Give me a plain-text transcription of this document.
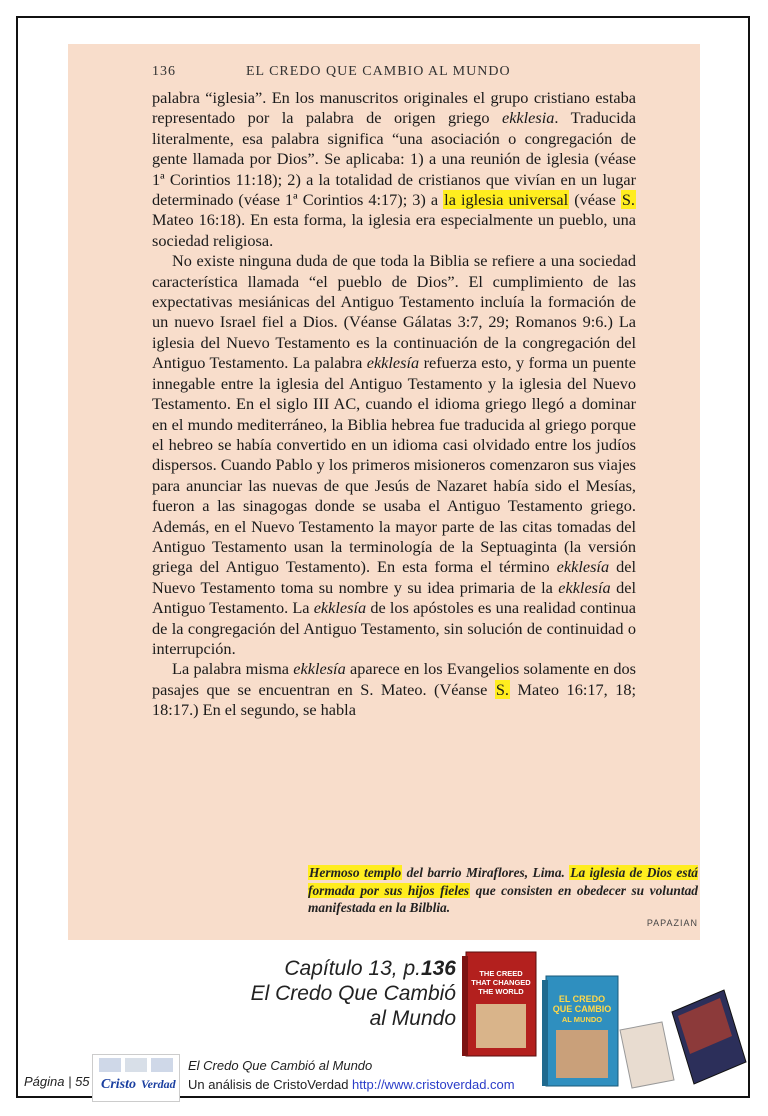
136	EL CREDO QUE CAMBIO AL MUNDO

palabra “iglesia”. En los manuscritos originales el grupo cristiano estaba representado por la palabra de origen griego ekklesia. Traducida literalmente, esa palabra significa “una asociación o congregación de gente llamada por Dios”. Se aplicaba: 1) a una reunión de iglesia (véase 1ª Corintios 11:18); 2) a la totalidad de cristianos que vivían en un lugar determinado (véase 1ª Corintios 4:17); 3) a la iglesia universal (véase S. Mateo 16:18). En esta forma, la iglesia era especialmente un pueblo, una sociedad religiosa.

No existe ninguna duda de que toda la Biblia se refiere a una sociedad característica llamada “el pueblo de Dios”. El cumplimiento de las expectativas mesiánicas del Antiguo Testamento incluía la formación de un nuevo Israel fiel a Dios. (Véanse Gálatas 3:7, 29; Romanos 9:6.) La iglesia del Nuevo Testamento es la continuación de la congregación del Antiguo Testamento. La palabra ekklesía refuerza esto, y forma un puente innegable entre la iglesia del Antiguo Testamento y la iglesia del Nuevo Testamento. En el siglo III AC, cuando el idioma griego llegó a dominar en el mundo mediterráneo, la Biblia hebrea fue traducida al griego porque el hebreo se había convertido en un idioma casi olvidado entre los judíos dispersos. Cuando Pablo y los primeros misioneros comenzaron sus viajes para anunciar las nuevas de que Jesús de Nazaret había sido el Mesías, fueron a las sinagogas donde se usaba el Antiguo Testamento griego. Además, en el Nuevo Testamento la mayor parte de las citas tomadas del Antiguo Testamento usan la terminología de la Septuaginta (la versión griega del Antiguo Testamento). En esta forma el término ekklesía del Nuevo Testamento toma su nombre y su idea primaria de la ekklesía del Antiguo Testamento. La ekklesía de los apóstoles es una realidad continua de la congregación del Antiguo Testamento, sin solución de continuidad o interrupción.

La palabra misma ekklesía aparece en los Evangelios solamente en dos pasajes que se encuentran en S. Mateo. (Véanse S. Mateo 16:17, 18; 18:17.) En el segundo, se habla

Hermoso templo del barrio Miraflores, Lima. La iglesia de Dios está formada por sus hijos fieles que consisten en obedecer su voluntad manifestada en la Bilblia.
PAPAZIAN
Capítulo 13, p.136
El Credo Que Cambió
al Mundo
THE CREED
THAT CHANGED
THE WORLD
EL CREDO
QUE CAMBIO
AL MUNDO
Página | 55 Cristo Verdad
El Credo Que Cambió al Mundo
Un análisis de CristoVerdad http://www.cristoverdad.com
